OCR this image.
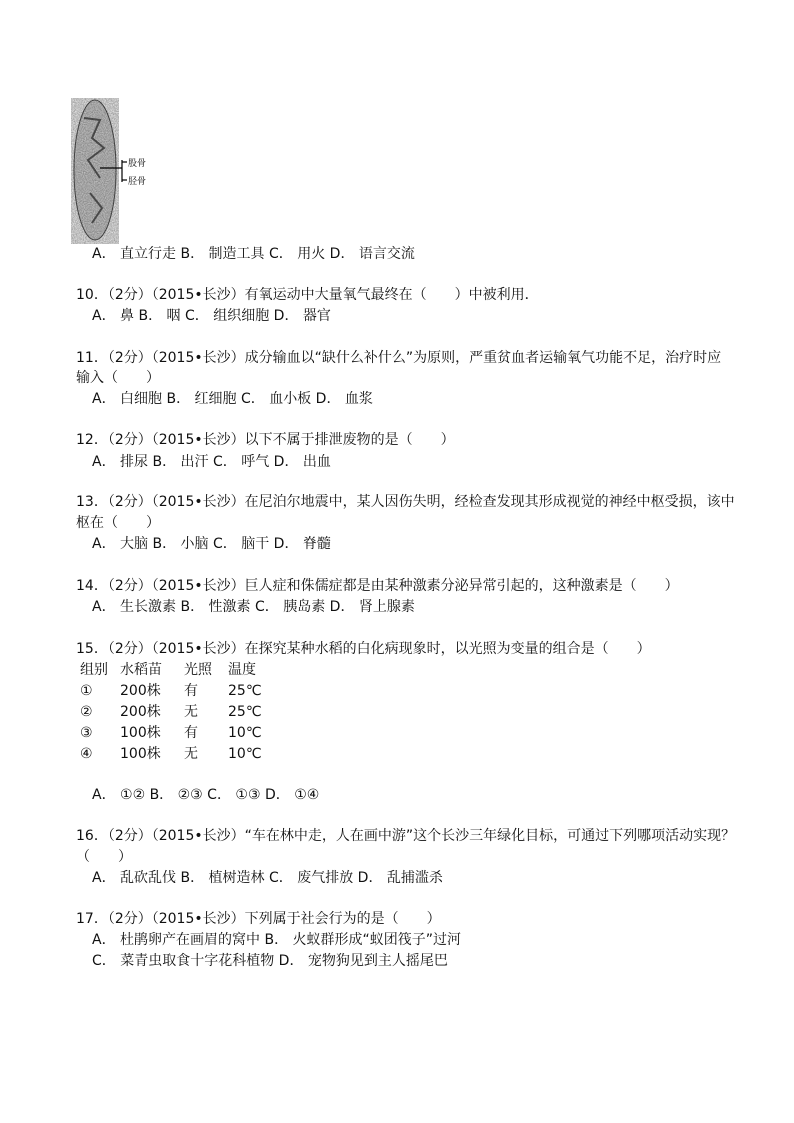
股骨
胫骨
A． 直立行走 B． 制造工具 C． 用火 D． 语言交流
10．（2分）（2015•长沙）有氧运动中大量氧气最终在（　　）中被利用．
A． 鼻 B． 咽 C． 组织细胞 D． 器官
11．（2分）（2015•长沙）成分输血以“缺什么补什么”为原则，严重贫血者运输氧气功能不足，治疗时应
输入（　　）
A． 白细胞 B． 红细胞 C． 血小板 D． 血浆
12．（2分）（2015•长沙）以下不属于排泄废物的是（　　）
A． 排尿 B． 出汗 C． 呼气 D． 出血
13．（2分）（2015•长沙）在尼泊尔地震中，某人因伤失明，经检查发现其形成视觉的神经中枢受损，该中
枢在（　　）
A． 大脑 B． 小脑 C． 脑干 D． 脊髓
14．（2分）（2015•长沙）巨人症和侏儒症都是由某种激素分泌异常引起的，这种激素是（　　）
A． 生长激素 B． 性激素 C． 胰岛素 D． 肾上腺素
15．（2分）（2015•长沙）在探究某种水稻的白化病现象时，以光照为变量的组合是（　　）
组别 水稻苗 光照 温度
① 200株 有 25℃
② 200株 无 25℃
③ 100株 有 10℃
④ 100株 无 10℃
A． ①② B． ②③ C． ①③ D． ①④
16．（2分）（2015•长沙）“车在林中走，人在画中游”这个长沙三年绿化目标，可通过下列哪项活动实现？
（　　）
A． 乱砍乱伐 B． 植树造林 C． 废气排放 D． 乱捕滥杀
17．（2分）（2015•长沙）下列属于社会行为的是（　　）
A． 杜鹃卵产在画眉的窝中 B． 火蚁群形成“蚁团筏子”过河
C． 菜青虫取食十字花科植物 D． 宠物狗见到主人摇尾巴
